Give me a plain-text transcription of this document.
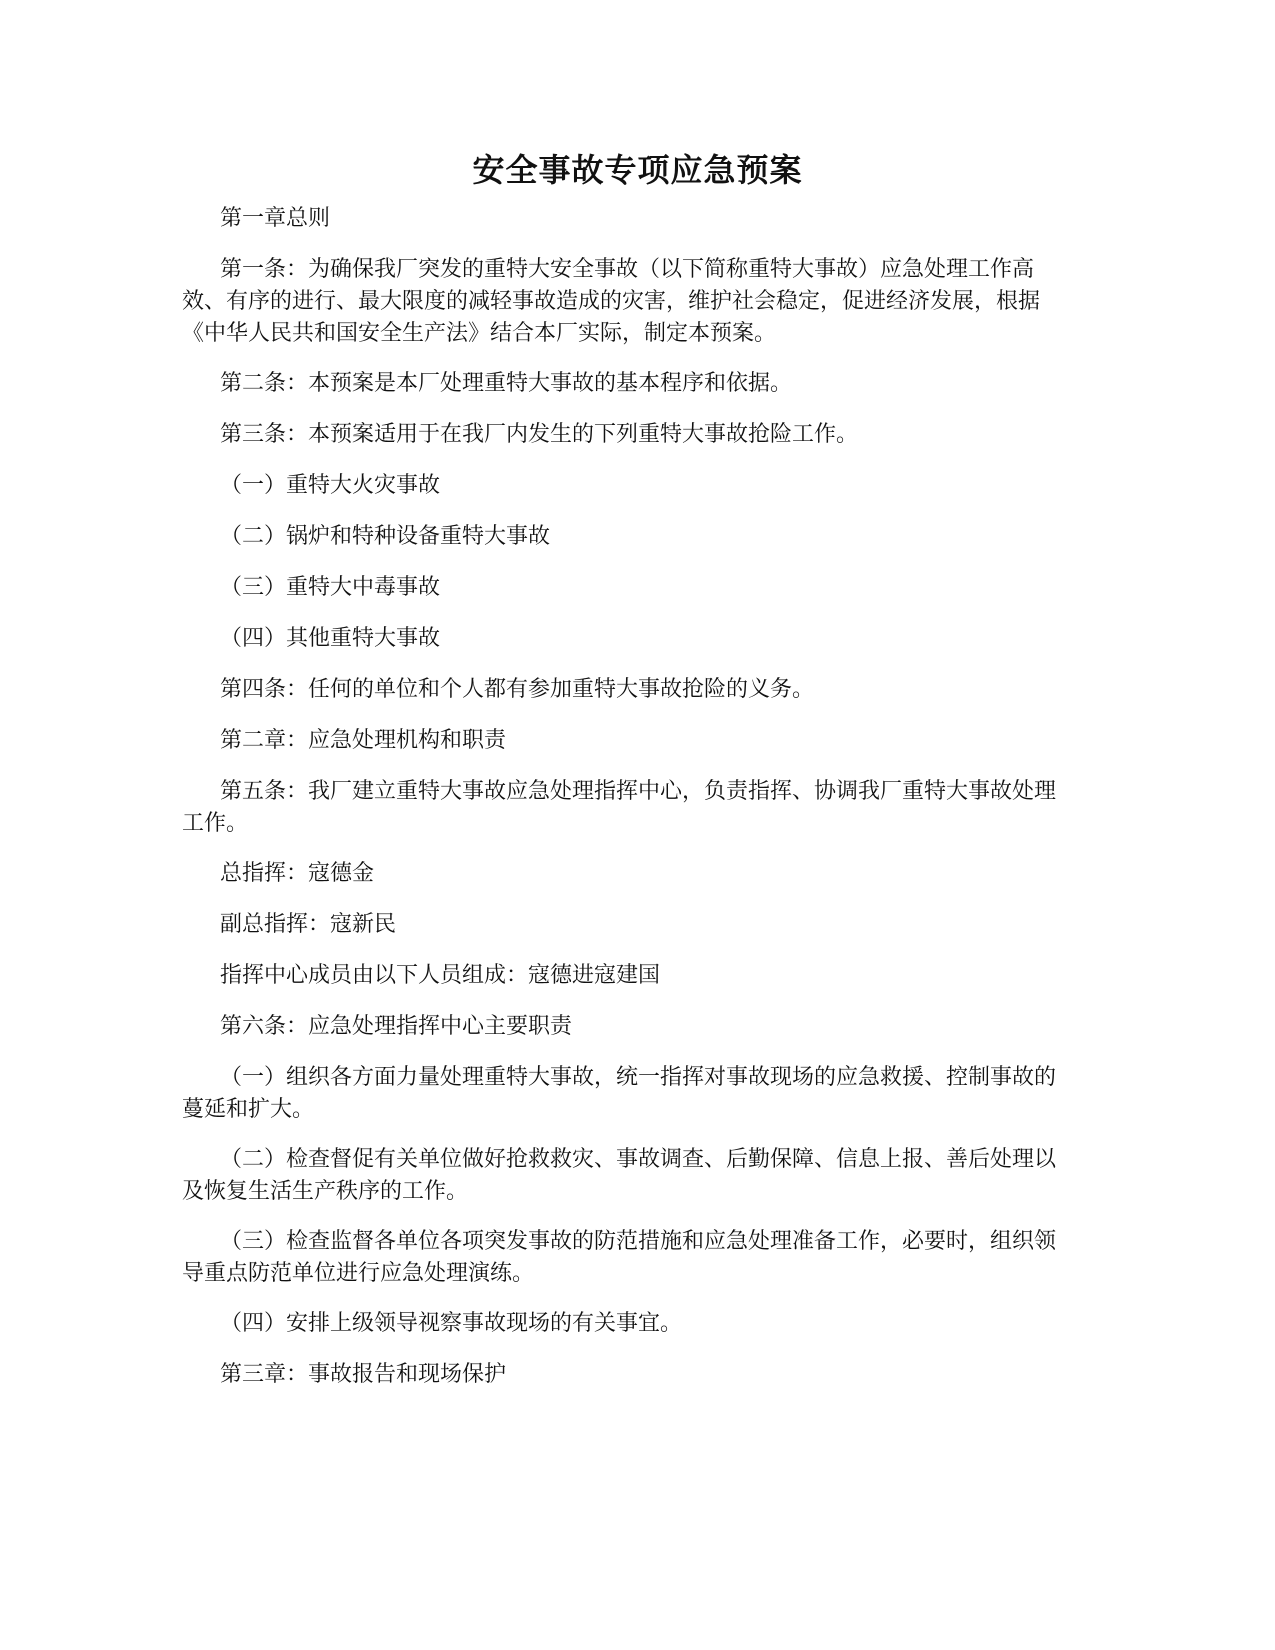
安全事故专项应急预案

第一章总则

第一条：为确保我厂突发的重特大安全事故（以下简称重特大事故）应急处理工作高效、有序的进行、最大限度的减轻事故造成的灾害，维护社会稳定，促进经济发展，根据《中华人民共和国安全生产法》结合本厂实际，制定本预案。

第二条：本预案是本厂处理重特大事故的基本程序和依据。

第三条：本预案适用于在我厂内发生的下列重特大事故抢险工作。

（一）重特大火灾事故

（二）锅炉和特种设备重特大事故

（三）重特大中毒事故

（四）其他重特大事故

第四条：任何的单位和个人都有参加重特大事故抢险的义务。

第二章：应急处理机构和职责

第五条：我厂建立重特大事故应急处理指挥中心，负责指挥、协调我厂重特大事故处理工作。

总指挥：寇德金

副总指挥：寇新民

指挥中心成员由以下人员组成：寇德进寇建国

第六条：应急处理指挥中心主要职责

（一）组织各方面力量处理重特大事故，统一指挥对事故现场的应急救援、控制事故的蔓延和扩大。

（二）检查督促有关单位做好抢救救灾、事故调查、后勤保障、信息上报、善后处理以及恢复生活生产秩序的工作。

（三）检查监督各单位各项突发事故的防范措施和应急处理准备工作，必要时，组织领导重点防范单位进行应急处理演练。

（四）安排上级领导视察事故现场的有关事宜。

第三章：事故报告和现场保护
